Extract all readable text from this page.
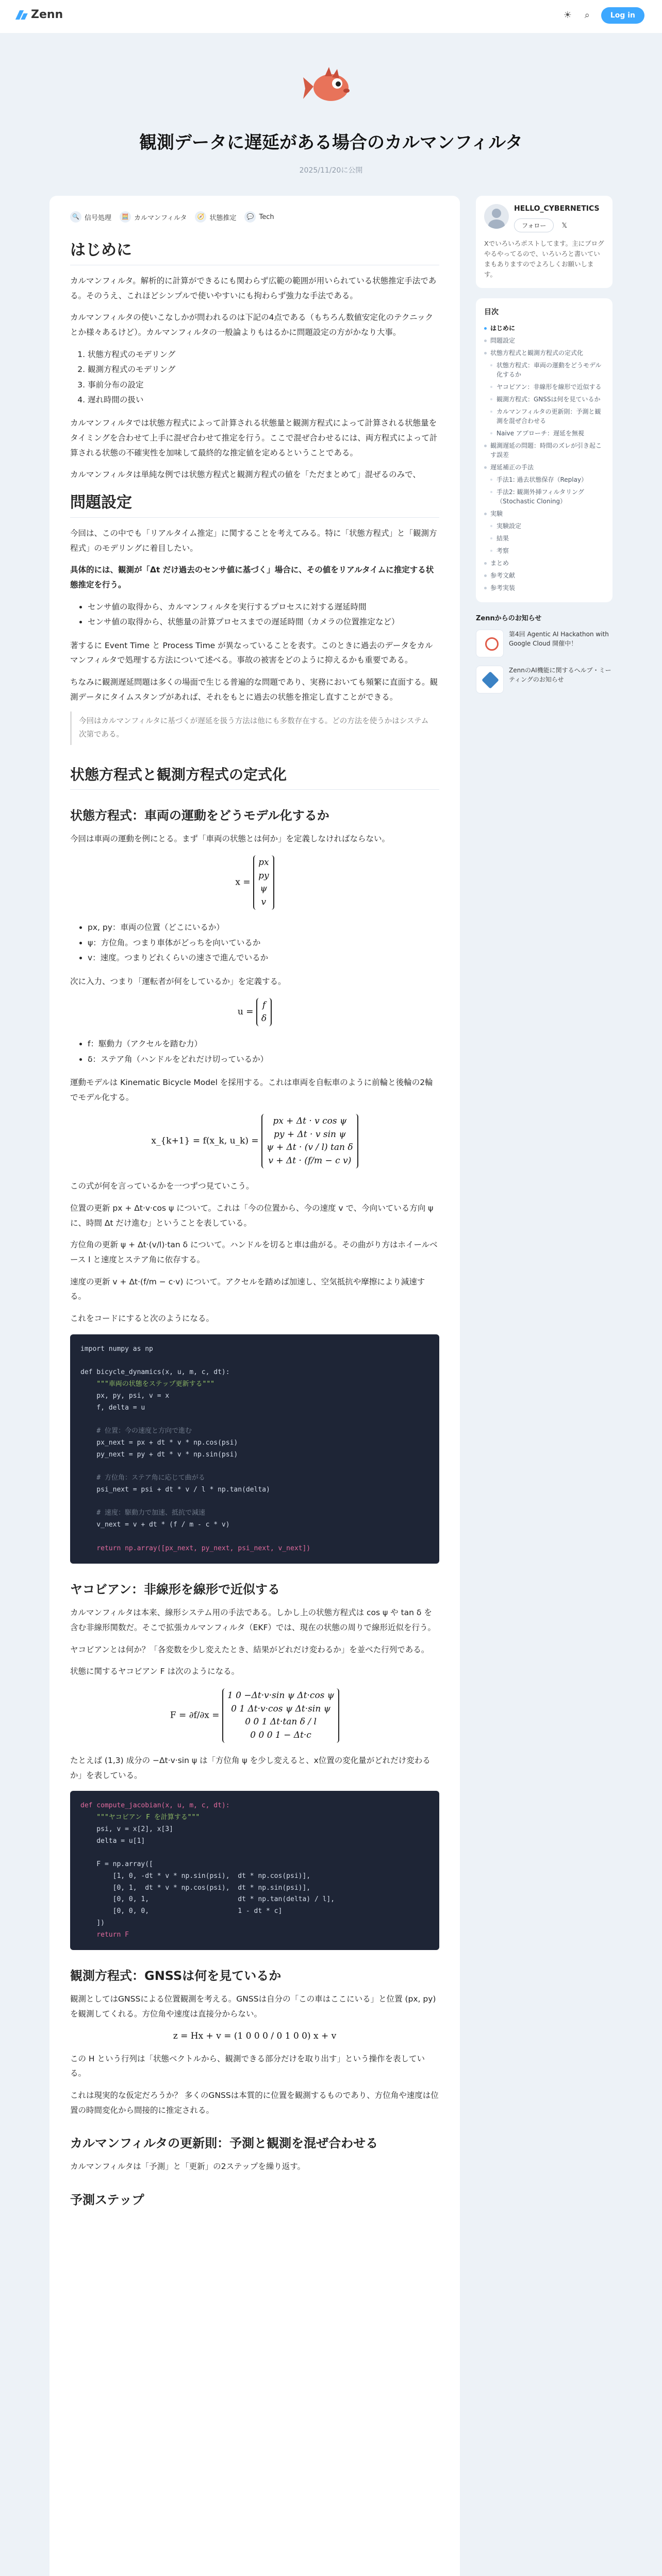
Zenn	☀	⌕	Log in
観測データに遅延がある場合のカルマンフィルタ
2025/11/20に公開
🔍 信号処理	🧮 カルマンフィルタ	🧭 状態推定	💬 Tech
はじめに

カルマンフィルタ。解析的に計算ができるにも関わらず広範の範囲が用いられている状態推定手法である。そのうえ、これほどシンプルで使いやすいにも拘わらず強力な手法である。

カルマンフィルタの使いこなしかが問われるのは下記の4点である（もちろん数値安定化のテクニックとか様々あるけど）。カルマンフィルタの一般論よりもはるかに問題設定の方がかなり大事。

1. 状態方程式のモデリング
2. 観測方程式のモデリング
3. 事前分布の設定
4. 遅れ時間の扱い

カルマンフィルタでは状態方程式によって計算される状態量と観測方程式によって計算される状態量をタイミングを合わせて上手に混ぜ合わせて推定を行う。ここで混ぜ合わせるには、両方程式によって計算される状態の不確実性を加味して最終的な推定値を定めるということである。

カルマンフィルタは単純な例では状態方程式と観測方程式の値を「ただまとめて」混ぜるのみで、

問題設定

今回は、この中でも「リアルタイム推定」に関することを考えてみる。特に「状態方程式」と「観測方程式」のモデリングに着目したい。

具体的には、観測が「Δt だけ過去のセンサ値に基づく」場合に、その値をリアルタイムに推定する状態推定を行う。

• センサ値の取得から、カルマンフィルタを実行するプロセスに対する遅延時間
• センサ値の取得から、状態量の計算プロセスまでの遅延時間（カメラの位置推定など）

著するに Event Time と Process Time が異なっていることを表す。このときに過去のデータをカルマンフィルタで処理する方法について述べる。事故の被害をどのように抑えるかも重要である。

ちなみに観測遅延問題は多くの場面で生じる普遍的な問題であり、実務においても頻繁に直面する。観測データにタイムスタンプがあれば、それをもとに過去の状態を推定し直すことができる。

今回はカルマンフィルタに基づくが遅延を扱う方法は他にも多数存在する。どの方法を使うかはシステム次第である。
状態方程式と観測方程式の定式化
状態方程式：車両の運動をどうモデル化するか

今回は車両の運動を例にとる。まず「車両の状態とは何か」を定義しなければならない。

x = px
py
ψ
v
• px, py：車両の位置（どこにいるか）
• ψ：方位角。つまり車体がどっちを向いているか
• v：速度。つまりどれくらいの速さで進んでいるか

次に入力、つまり「運転者が何をしているか」を定義する。

u = f
δ
• f：駆動力（アクセルを踏む力）
• δ：ステア角（ハンドルをどれだけ切っているか）

運動モデルは Kinematic Bicycle Model を採用する。これは車両を自転車のように前輪と後輪の2輪でモデル化する。

x_{k+1} = f(x_k, u_k) = px + Δt · v cos ψ
py + Δt · v sin ψ
ψ + Δt · (v / l) tan δ
v + Δt · (f/m − c v)

この式が何を言っているかを一つずつ見ていこう。

位置の更新 px + Δt·v·cos ψ について。これは「今の位置から、今の速度 v で、今向いている方向 ψ に、時間 Δt だけ進む」ということを表している。

方位角の更新 ψ + Δt·(v/l)·tan δ について。ハンドルを切ると車は曲がる。その曲がり方はホイールベース l と速度とステア角に依存する。

速度の更新 v + Δt·(f/m − c·v) について。アクセルを踏めば加速し、空気抵抗や摩擦により減速する。

これをコードにすると次のようになる。

import numpy as np

def bicycle_dynamics(x, u, m, c, dt):
"""車両の状態をステップ更新する"""
px, py, psi, v = x
f, delta = u

# 位置：今の速度と方向で進む
px_next = px + dt * v * np.cos(psi)
py_next = py + dt * v * np.sin(psi)

# 方位角：ステア角に応じて曲がる
psi_next = psi + dt * v / l * np.tan(delta)

# 速度：駆動力で加速、抵抗で減速
v_next = v + dt * (f / m - c * v)

return np.array([px_next, py_next, psi_next, v_next])
ヤコビアン：非線形を線形で近似する

カルマンフィルタは本来、線形システム用の手法である。しかし上の状態方程式は cos ψ や tan δ を含む非線形関数だ。そこで拡張カルマンフィルタ（EKF）では、現在の状態の周りで線形近似を行う。

ヤコビアンとは何か？「各変数を少し変えたとき、結果がどれだけ変わるか」を並べた行列である。

状態に関するヤコビアン F は次のようになる。

F = ∂f/∂x = 1 0 −Δt·v·sin ψ Δt·cos ψ
0 1 Δt·v·cos ψ Δt·sin ψ
0 0 1 Δt·tan δ / l
0 0 0 1 − Δt·c

たとえば (1,3) 成分の −Δt·v·sin ψ は「方位角 ψ を少し変えると、x位置の変化量がどれだけ変わるか」を表している。

def compute_jacobian(x, u, m, c, dt):
"""ヤコビアン F を計算する"""
psi, v = x[2], x[3]
delta = u[1]

F = np.array([
[1, 0, -dt * v * np.sin(psi),  dt * np.cos(psi)],
[0, 1,  dt * v * np.cos(psi),  dt * np.sin(psi)],
[0, 0, 1,                      dt * np.tan(delta) / l],
[0, 0, 0,                      1 - dt * c]
])
return F
観測方程式：GNSSは何を見ているか

観測としてはGNSSによる位置観測を考える。GNSSは自分の「この車はここにいる」と位置 (px, py) を観測してくれる。方位角や速度は直接分からない。

z = Hx + v = (1 0 0 0 / 0 1 0 0) x + v

この H という行列は「状態ベクトルから、観測できる部分だけを取り出す」という操作を表している。

これは現実的な仮定だろうか？ 多くのGNSSは本質的に位置を観測するものであり、方位角や速度は位置の時間変化から間接的に推定される。

カルマンフィルタの更新則：予測と観測を混ぜ合わせる

カルマンフィルタは「予測」と「更新」の2ステップを繰り返す。

予測ステップ
HELLO_CYBERNETICS
フォロー 𝕏
Xでいろいろポストしてます。主にブログやるやってるので、いろいろと書いていまもありますのでよろしくお願いします。
目次
はじめに
問題設定
状態方程式と観測方程式の定式化
状態方程式：車両の運動をどうモデル化するか
ヤコビアン：非線形を線形で近似する
観測方程式：GNSSは何を見ているか
カルマンフィルタの更新則：予測と観測を混ぜ合わせる
Naive アプローチ：遅延を無視
観測遅延の問題：時間のズレが引き起こす誤差
遅延補正の手法
手法1: 過去状態保存（Replay）
手法2: 観測外挿フィルタリング（Stochastic Cloning）
実験
実験設定
結果
考察
まとめ
参考文献
参考実装
Zennからのお知らせ
第4回 Agentic AI Hackathon with Google Cloud 開催中！
ZennのAI機能に関するヘルプ・ミーティングのお知らせ
